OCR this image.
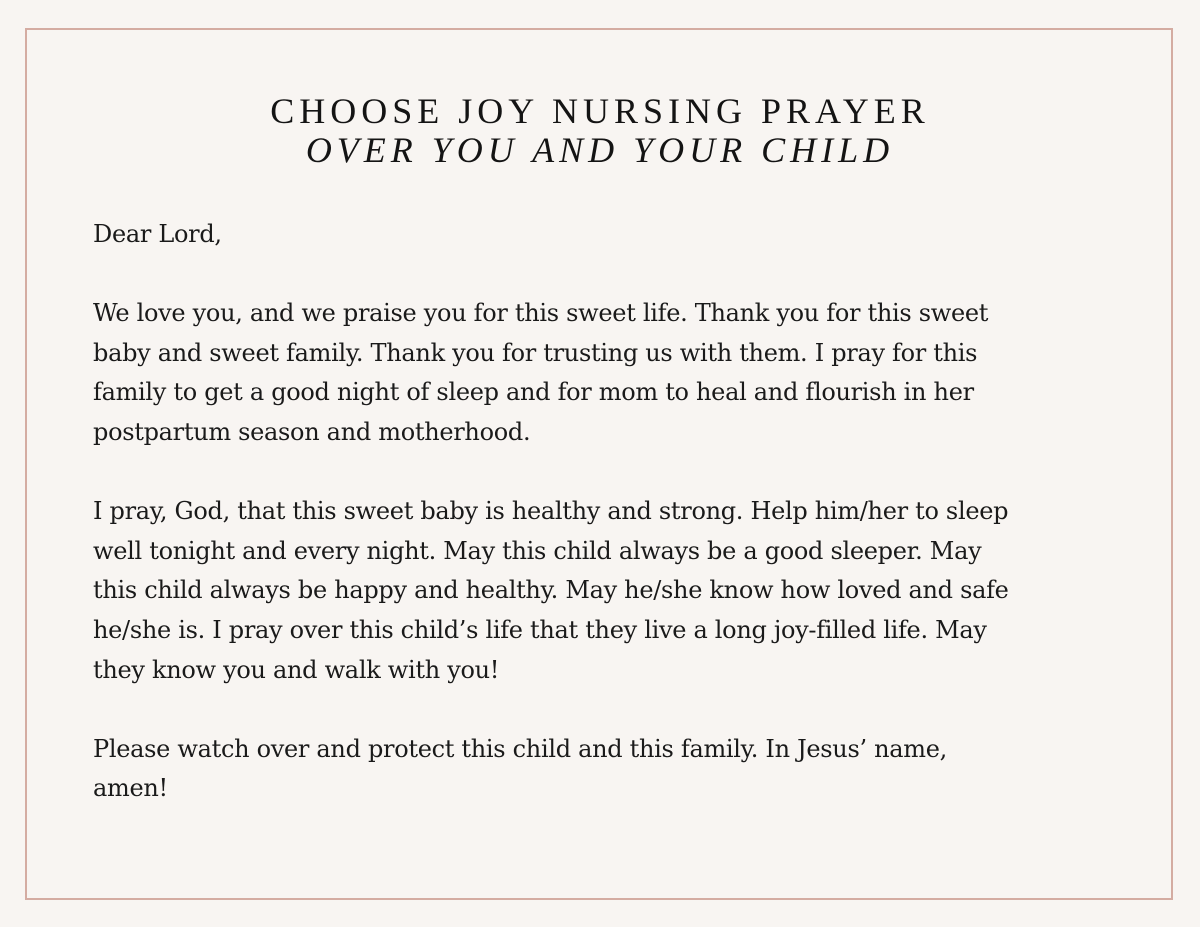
CHOOSE JOY NURSING PRAYER
OVER YOU AND YOUR CHILD
Dear Lord,
We love you, and we praise you for this sweet life. Thank you for this sweet
baby and sweet family. Thank you for trusting us with them. I pray for this
family to get a good night of sleep and for mom to heal and flourish in her
postpartum season and motherhood.
I pray, God, that this sweet baby is healthy and strong. Help him/her to sleep
well tonight and every night. May this child always be a good sleeper. May
this child always be happy and healthy. May he/she know how loved and safe
he/she is. I pray over this child’s life that they live a long joy-filled life. May
they know you and walk with you!
Please watch over and protect this child and this family. In Jesus’ name,
amen!
